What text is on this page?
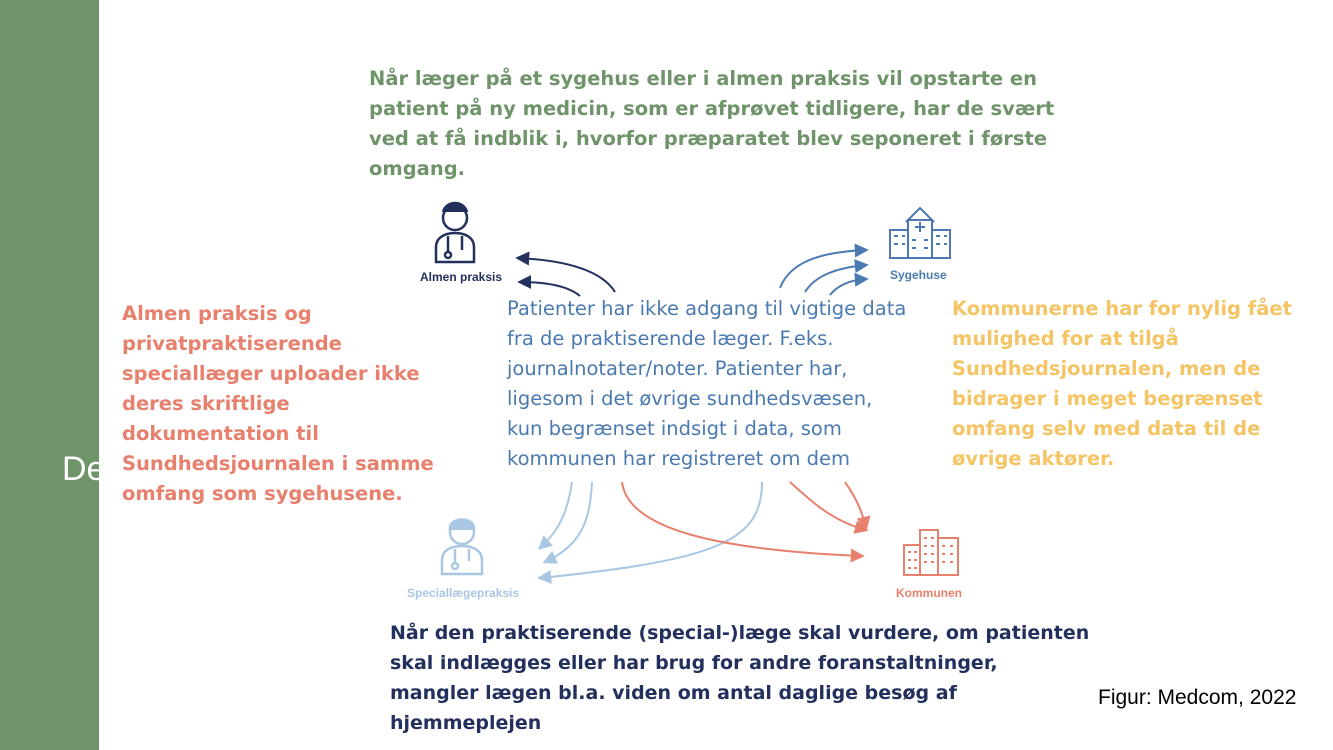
De
Almen praksis	Sygehuse
Speciallægepraksis	Kommunen

Når læger på et sygehus eller i almen praksis vil opstarte en patient på ny medicin, som er afprøvet tidligere, har de svært ved at få indblik i, hvorfor præparatet blev seponeret i første omgang.

Almen praksis og privatpraktiserende speciallæger uploader ikke deres skriftlige dokumentation til Sundhedsjournalen i samme omfang som sygehusene.

Patienter har ikke adgang til vigtige data fra de praktiserende læger. F.eks. journalnotater/noter. Patienter har, ligesom i det øvrige sundhedsvæsen, kun begrænset indsigt i data, som kommunen har registreret om dem

Kommunerne har for nylig fået mulighed for at tilgå Sundhedsjournalen, men de bidrager i meget begrænset omfang selv med data til de øvrige aktører.

Når den praktiserende (special-)læge skal vurdere, om patienten skal indlægges eller har brug for andre foranstaltninger, mangler lægen bl.a. viden om antal daglige besøg af hjemmeplejen

Figur: Medcom, 2022
